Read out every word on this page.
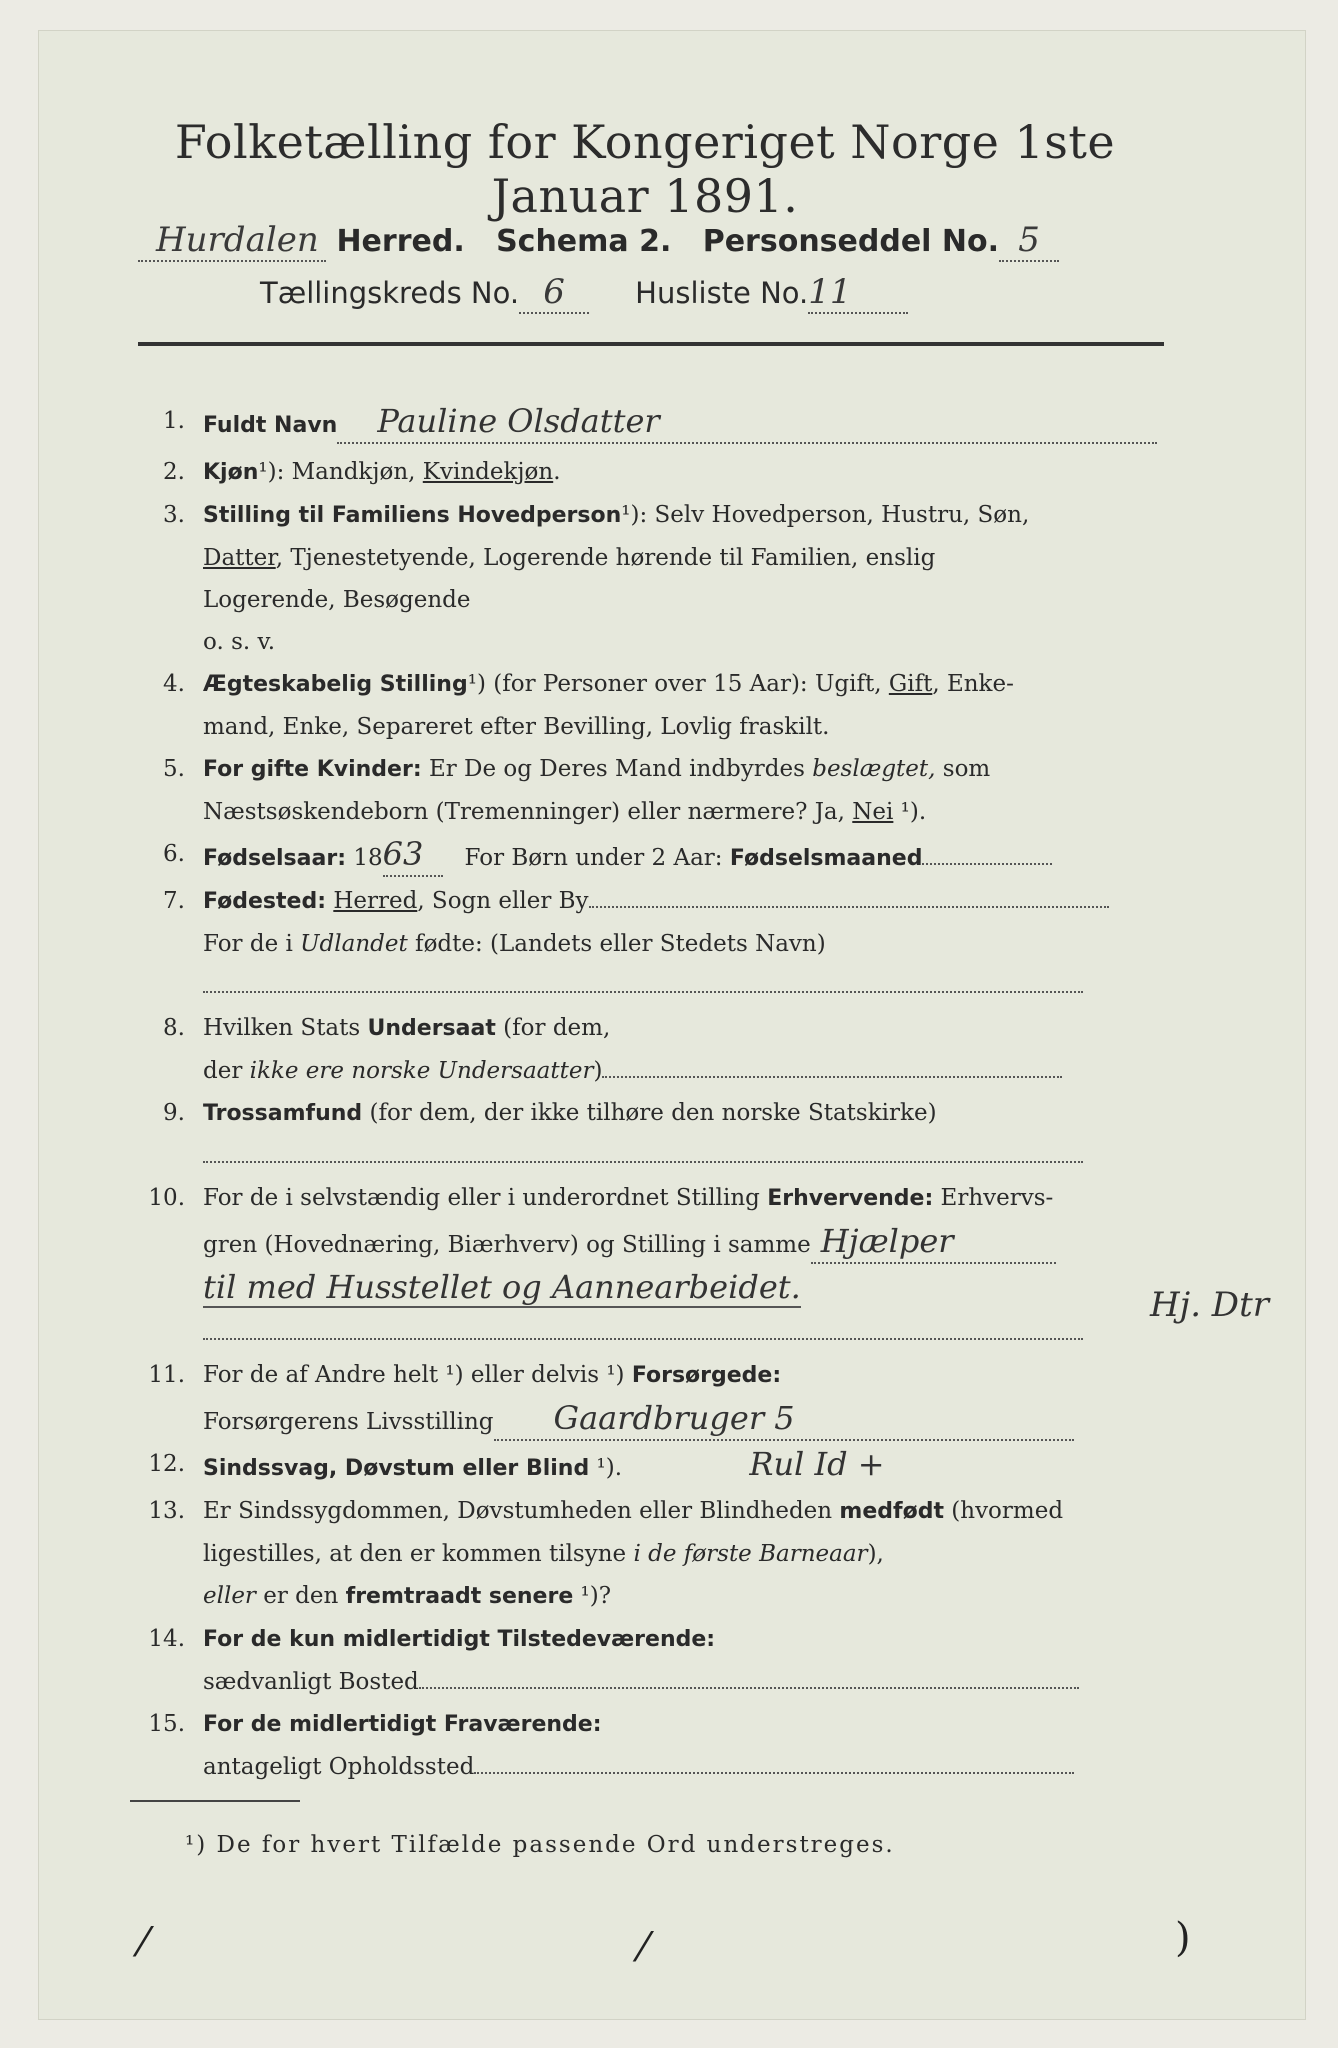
Folketælling for Kongeriget Norge 1ste Januar 1891.
Hurdalen Herred. Schema 2. Personseddel No. 5
Tællingskreds No. 6 Husliste No.11
1. Fuldt Navn Pauline Olsdatter
2. Kjøn¹): Mandkjøn, Kvindekjøn.
3. Stilling til Familiens Hovedperson¹): Selv Hovedperson, Hustru, Søn,
Datter, Tjenestetyende, Logerende hørende til Familien, enslig
Logerende, Besøgende
o. s. v.
4. Ægteskabelig Stilling¹) (for Personer over 15 Aar): Ugift, Gift, Enke-
mand, Enke, Separeret efter Bevilling, Lovlig fraskilt.
5. For gifte Kvinder: Er De og Deres Mand indbyrdes beslægtet, som
Næstsøskendeborn (Tremenninger) eller nærmere? Ja, Nei ¹).
6. Fødselsaar: 1863 For Børn under 2 Aar: Fødselsmaaned
7. Fødested: Herred, Sogn eller By
For de i Udlandet fødte: (Landets eller Stedets Navn)
8. Hvilken Stats Undersaat (for dem,
der ikke ere norske Undersaatter)
9. Trossamfund (for dem, der ikke tilhøre den norske Statskirke)
10. For de i selvstændig eller i underordnet Stilling Erhvervende: Erhvervs-
gren (Hovednæring, Biærhverv) og Stilling i samme Hjælper
til med Husstellet og Aannearbeidet.
11. For de af Andre helt ¹) eller delvis ¹) Forsørgede:
Forsørgerens Livsstilling Gaardbruger 5
12. Sindssvag, Døvstum eller Blind ¹).	Rul Id +
13. Er Sindssygdommen, Døvstumheden eller Blindheden medfødt (hvormed
ligestilles, at den er kommen tilsyne i de første Barneaar),
eller er den fremtraadt senere ¹)?
14. For de kun midlertidigt Tilstedeværende:
sædvanligt Bosted
15. For de midlertidigt Fraværende:
antageligt Opholdssted
Hj. Dtr
¹) De for hvert Tilfælde passende Ord understreges.
⁄	⁄	)
